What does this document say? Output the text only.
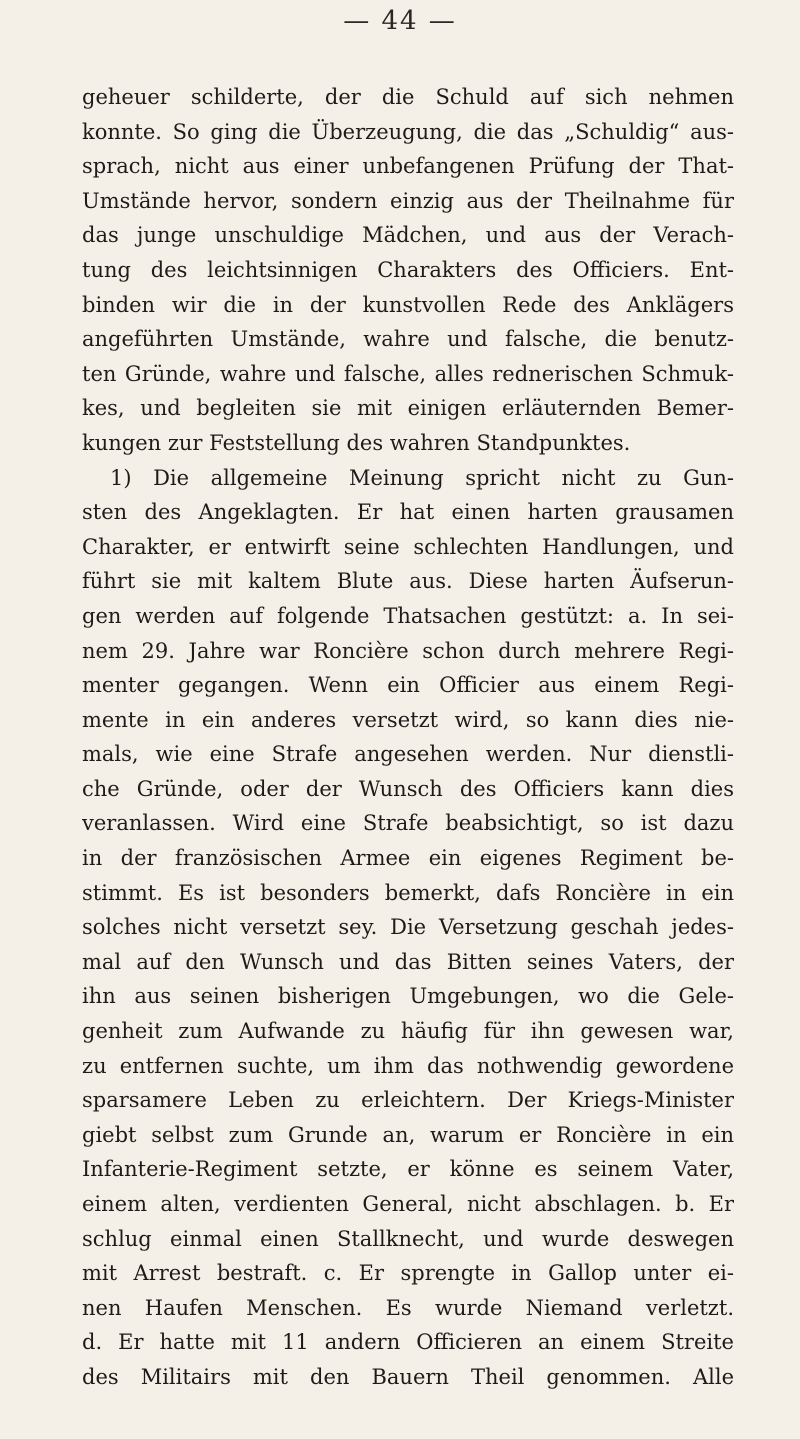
— 44 —
geheuer schilderte, der die Schuld auf sich nehmen
konnte. So ging die Überzeugung, die das „Schuldig“ aus-
sprach, nicht aus einer unbefangenen Prüfung der That-
Umstände hervor, sondern einzig aus der Theilnahme für
das junge unschuldige Mädchen, und aus der Verach-
tung des leichtsinnigen Charakters des Officiers. Ent-
binden wir die in der kunstvollen Rede des Anklägers
angeführten Umstände, wahre und falsche, die benutz-
ten Gründe, wahre und falsche, alles rednerischen Schmuk-
kes, und begleiten sie mit einigen erläuternden Bemer-
kungen zur Feststellung des wahren Standpunktes.
1) Die allgemeine Meinung spricht nicht zu Gun-
sten des Angeklagten. Er hat einen harten grausamen
Charakter, er entwirft seine schlechten Handlungen, und
führt sie mit kaltem Blute aus. Diese harten Äufserun-
gen werden auf folgende Thatsachen gestützt: a. In sei-
nem 29. Jahre war Roncière schon durch mehrere Regi-
menter gegangen. Wenn ein Officier aus einem Regi-
mente in ein anderes versetzt wird, so kann dies nie-
mals, wie eine Strafe angesehen werden. Nur dienstli-
che Gründe, oder der Wunsch des Officiers kann dies
veranlassen. Wird eine Strafe beabsichtigt, so ist dazu
in der französischen Armee ein eigenes Regiment be-
stimmt. Es ist besonders bemerkt, dafs Roncière in ein
solches nicht versetzt sey. Die Versetzung geschah jedes-
mal auf den Wunsch und das Bitten seines Vaters, der
ihn aus seinen bisherigen Umgebungen, wo die Gele-
genheit zum Aufwande zu häufig für ihn gewesen war,
zu entfernen suchte, um ihm das nothwendig gewordene
sparsamere Leben zu erleichtern. Der Kriegs-Minister
giebt selbst zum Grunde an, warum er Roncière in ein
Infanterie-Regiment setzte, er könne es seinem Vater,
einem alten, verdienten General, nicht abschlagen. b. Er
schlug einmal einen Stallknecht, und wurde deswegen
mit Arrest bestraft. c. Er sprengte in Gallop unter ei-
nen Haufen Menschen. Es wurde Niemand verletzt.
d. Er hatte mit 11 andern Officieren an einem Streite
des Militairs mit den Bauern Theil genommen. Alle
